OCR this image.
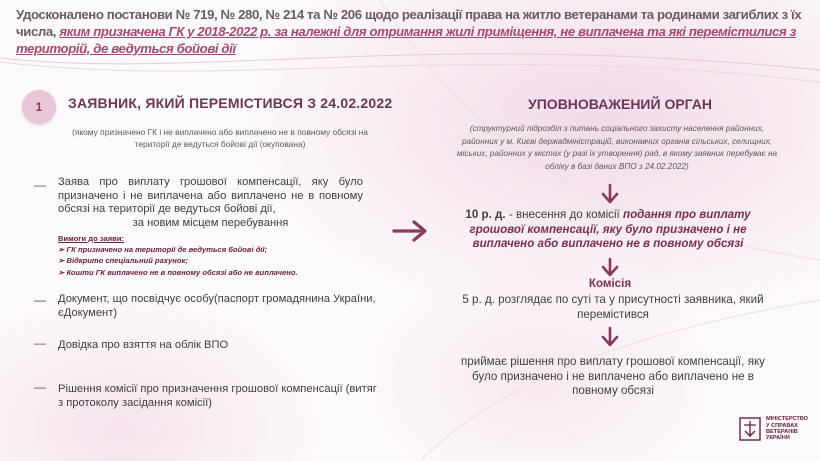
Удосконалено постанови № 719, № 280, № 214 та № 206 щодо реалізації права на житло ветеранами та родинами загиблих з їх числа, яким призначена ГК у 2018-2022 р. за належні для отримання жилі приміщення, не виплачена та які перемістилися з територій, де ведуться бойові дії
1	ЗАЯВНИК, ЯКИЙ ПЕРЕМІСТИВСЯ З 24.02.2022
(якому призначено ГК і не виплачено або виплачено не в повному обсязі на території де ведуться бойові дії (окупована)
— Заява про виплату грошової компенсації, яку було призначено і не виплачена або виплачено не в повному обсязі на території де ведуться бойові дії,
за новим місцем перебування
Вимоги до заяви:
➢ ГК призначено на території де ведуться бойові дії;
➢ Відкрито спеціальний рахунок;
➢ Кошти ГК виплачено не в повному обсязі або не виплачено.
— Документ, що посвідчує особу(паспорт громадянина України, єДокумент)
— Довідка про взяття на облік ВПО
— Рішення комісії про призначення грошової компенсації (витяг з протоколу засідання комісії)
УПОВНОВАЖЕНИЙ ОРГАН
(структурний підрозділ з питань соціального захисту населення районних, районних у м. Києві держадміністрацій, виконавчих органів сільських, селищних, міських, районних у містах (у разі їх утворення) рад, в якому заявник перебуває на обліку в базі даних ВПО з 24.02.2022)
10 р. д. - внесення до комісії подання про виплату грошової компенсації, яку було призначено і не виплачено або виплачено не в повному обсязі
Комісія
5 р. д. розглядає по суті та у присутності заявника, який перемістився
приймає рішення про виплату грошової компенсації, яку було призначено і не виплачено або виплачено не в повному обсязі
МІНІСТЕРСТВО
У СПРАВАХ
ВЕТЕРАНІВ
УКРАЇНИ
